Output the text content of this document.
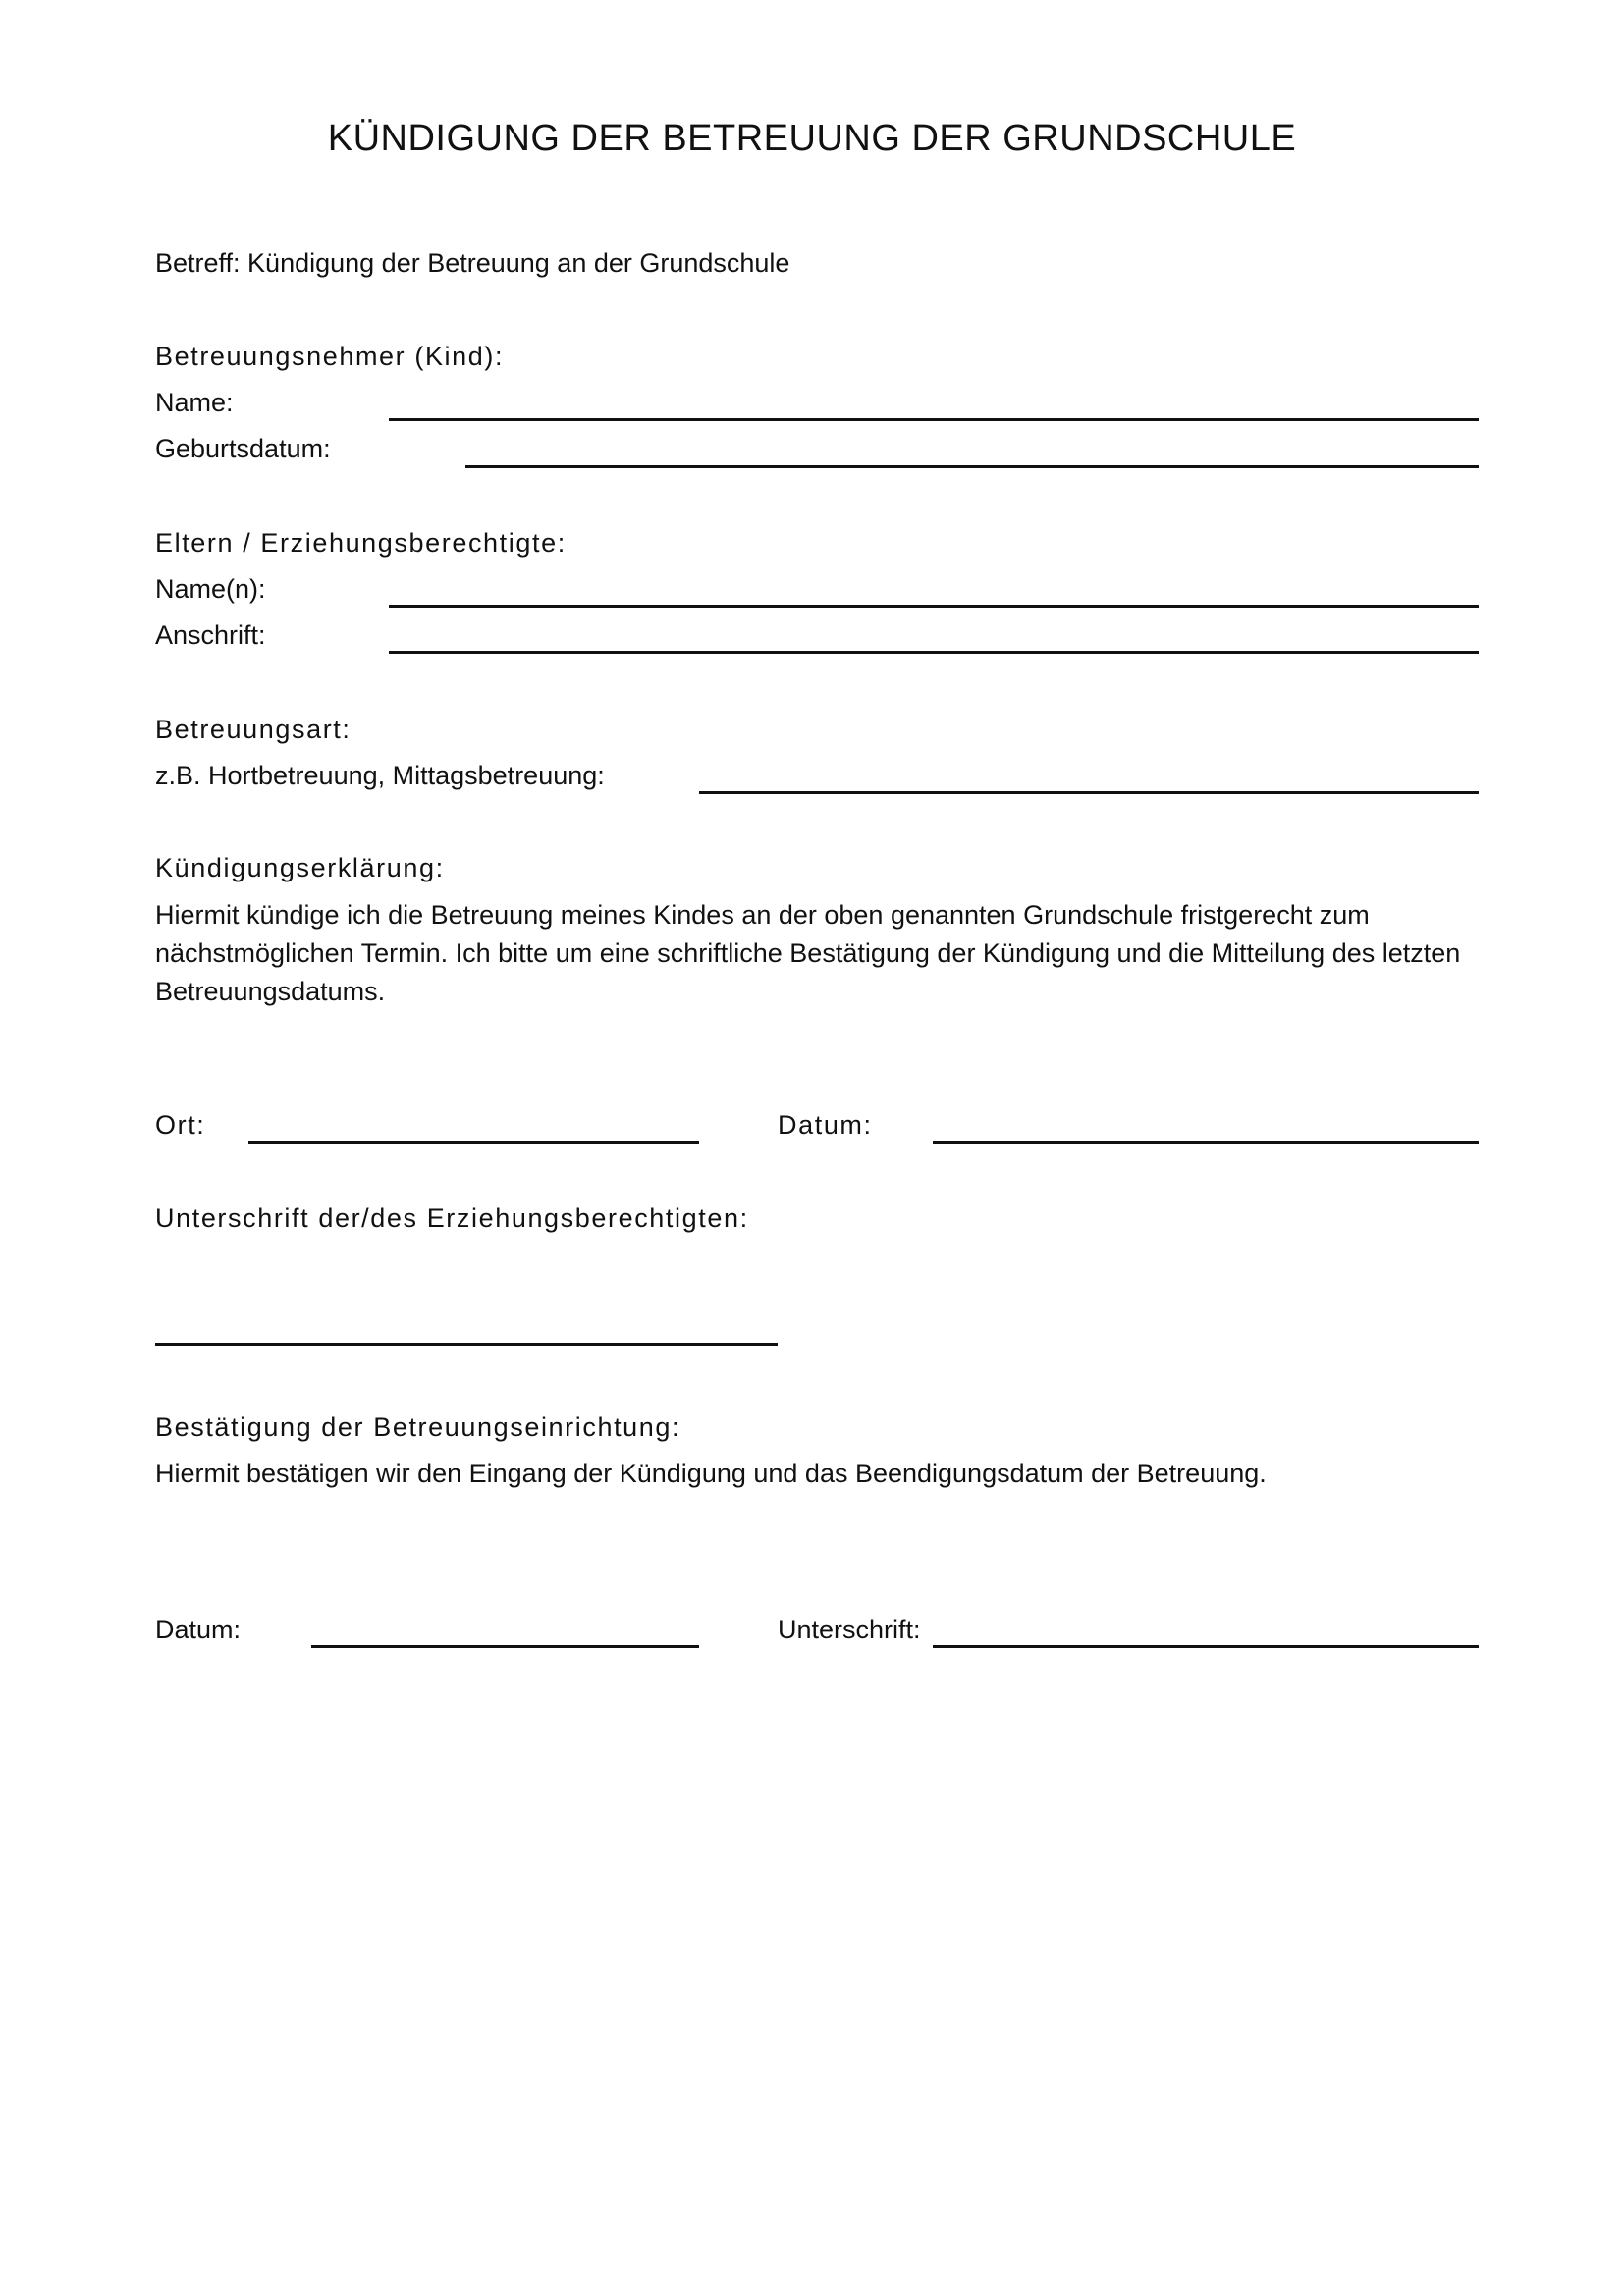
KÜNDIGUNG DER BETREUUNG DER GRUNDSCHULE
Betreff: Kündigung der Betreuung an der Grundschule
Betreuungsnehmer (Kind):
Name:
Geburtsdatum:
Eltern / Erziehungsberechtigte:
Name(n):
Anschrift:
Betreuungsart:
z.B. Hortbetreuung, Mittagsbetreuung:
Kündigungserklärung:
Hiermit kündige ich die Betreuung meines Kindes an der oben genannten Grundschule fristgerecht zum nächstmöglichen Termin. Ich bitte um eine schriftliche Bestätigung der Kündigung und die Mitteilung des letzten Betreuungsdatums.
Ort:	Datum:
Unterschrift der/des Erziehungsberechtigten:
Bestätigung der Betreuungseinrichtung:
Hiermit bestätigen wir den Eingang der Kündigung und das Beendigungsdatum der Betreuung.
Datum:	Unterschrift:
